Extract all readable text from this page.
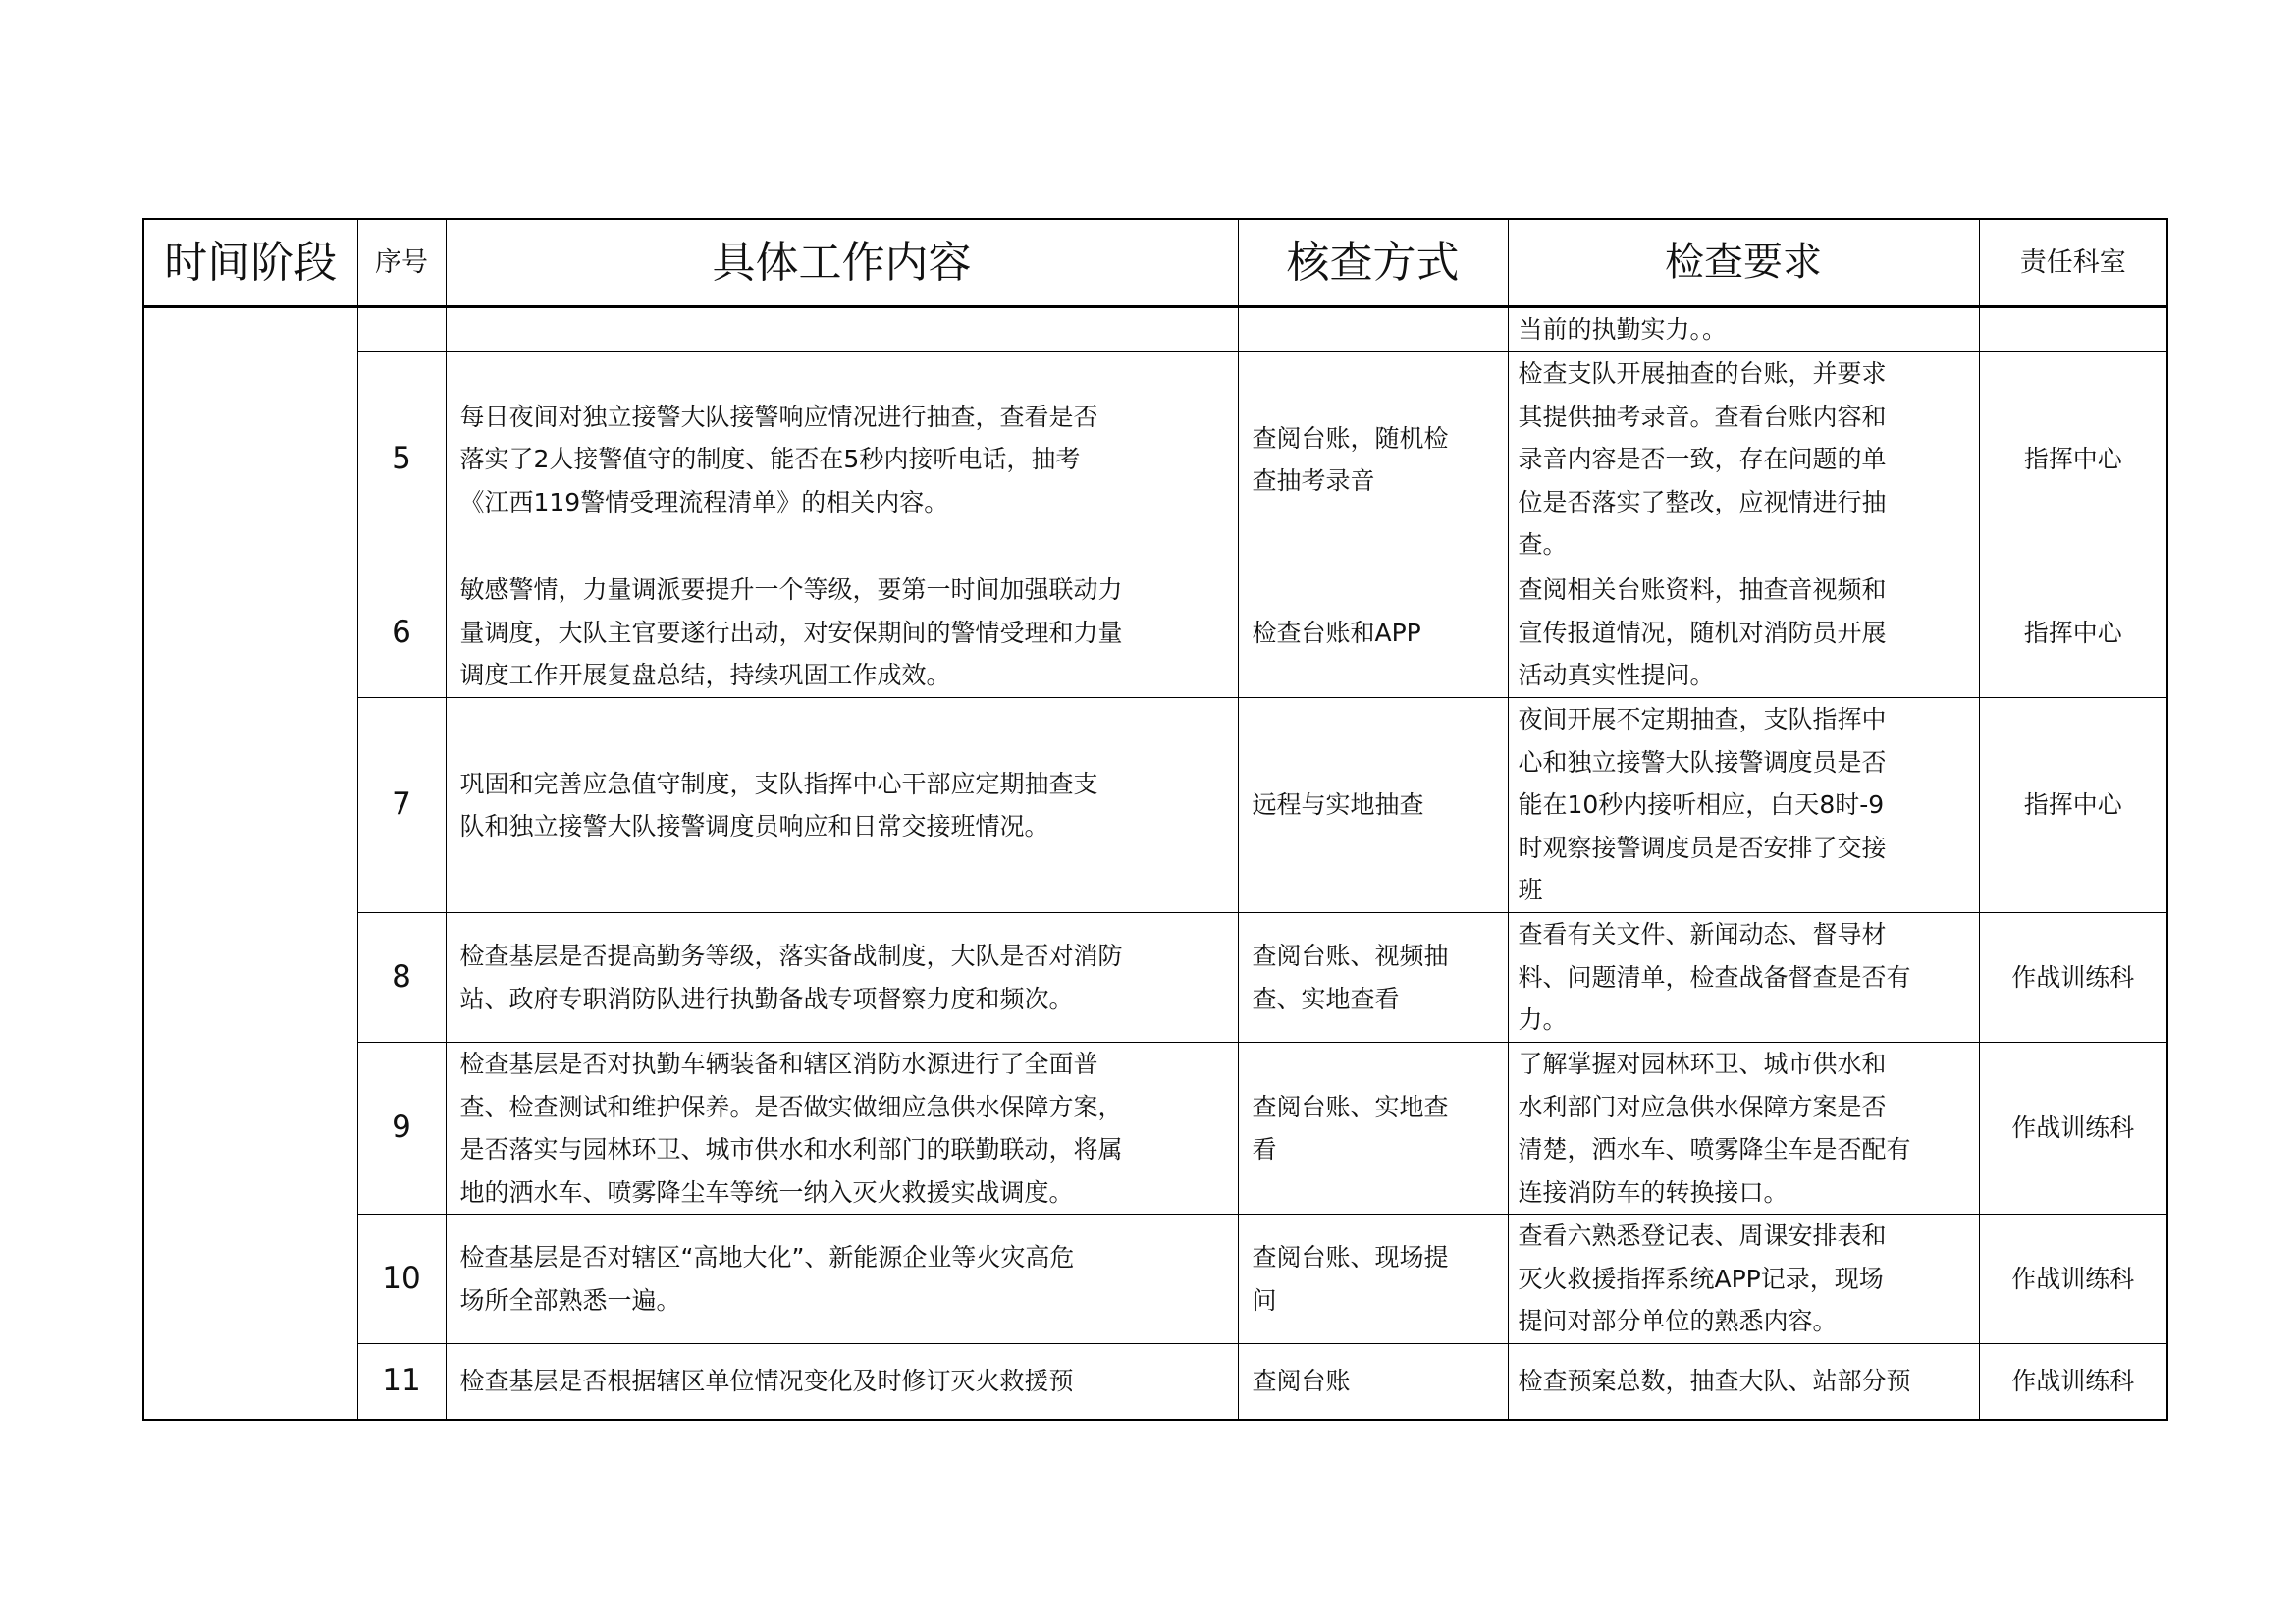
时间阶段	序号	具体工作内容	核查方式	检查要求	责任科室
				当前的执勤实力。。	
	5	每日夜间对独立接警大队接警响应情况进行抽查，查看是否
落实了2人接警值守的制度、能否在5秒内接听电话，抽考
《江西119警情受理流程清单》的相关内容。	查阅台账，随机检
查抽考录音	检查支队开展抽查的台账，并要求
其提供抽考录音。查看台账内容和
录音内容是否一致，存在问题的单
位是否落实了整改，应视情进行抽
查。	指挥中心
	6	敏感警情，力量调派要提升一个等级，要第一时间加强联动力
量调度，大队主官要遂行出动，对安保期间的警情受理和力量
调度工作开展复盘总结，持续巩固工作成效。	检查台账和APP	查阅相关台账资料，抽查音视频和
宣传报道情况，随机对消防员开展
活动真实性提问。	指挥中心
	7	巩固和完善应急值守制度，支队指挥中心干部应定期抽查支
队和独立接警大队接警调度员响应和日常交接班情况。	远程与实地抽查	夜间开展不定期抽查，支队指挥中
心和独立接警大队接警调度员是否
能在10秒内接听相应，白天8时-9
时观察接警调度员是否安排了交接
班	指挥中心
	8	检查基层是否提高勤务等级，落实备战制度，大队是否对消防
站、政府专职消防队进行执勤备战专项督察力度和频次。	查阅台账、视频抽
查、实地查看	查看有关文件、新闻动态、督导材
料、问题清单，检查战备督查是否有
力。	作战训练科
	9	检查基层是否对执勤车辆装备和辖区消防水源进行了全面普
查、检查测试和维护保养。是否做实做细应急供水保障方案，
是否落实与园林环卫、城市供水和水利部门的联勤联动，将属
地的洒水车、喷雾降尘车等统一纳入灭火救援实战调度。	查阅台账、实地查
看	了解掌握对园林环卫、城市供水和
水利部门对应急供水保障方案是否
清楚，洒水车、喷雾降尘车是否配有
连接消防车的转换接口。	作战训练科
	10	检查基层是否对辖区“高地大化”、新能源企业等火灾高危
场所全部熟悉一遍。	查阅台账、现场提
问	查看六熟悉登记表、周课安排表和
灭火救援指挥系统APP记录，现场
提问对部分单位的熟悉内容。	作战训练科
	11	检查基层是否根据辖区单位情况变化及时修订灭火救援预	查阅台账	检查预案总数，抽查大队、站部分预	作战训练科
